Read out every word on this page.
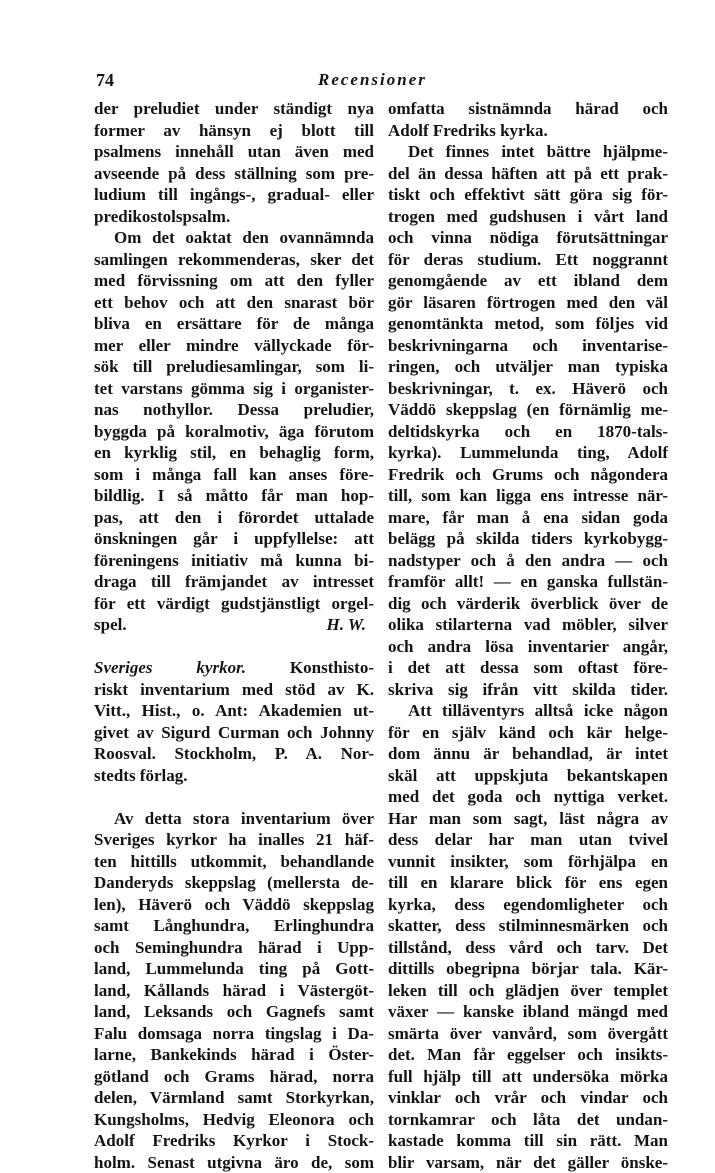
74	Recensioner
der preludiet under ständigt nya
former av hänsyn ej blott till
psalmens innehåll utan även med
avseende på dess ställning som pre-
ludium till ingångs-, gradual- eller
predikostolspsalm.
Om det oaktat den ovannämnda
samlingen rekommenderas, sker det
med förvissning om att den fyller
ett behov och att den snarast bör
bliva en ersättare för de många
mer eller mindre vällyckade för-
sök till preludiesamlingar, som li-
tet varstans gömma sig i organister-
nas nothyllor. Dessa preludier,
byggda på koralmotiv, äga förutom
en kyrklig stil, en behaglig form,
som i många fall kan anses före-
bildlig. I så måtto får man hop-
pas, att den i förordet uttalade
önskningen går i uppfyllelse: att
föreningens initiativ må kunna bi-
draga till främjandet av intresset
för ett värdigt gudstjänstligt orgel-
spel.	H. W.
Sveriges kyrkor. Konsthisto-
riskt inventarium med stöd av K.
Vitt., Hist., o. Ant: Akademien ut-
givet av Sigurd Curman och Johnny
Roosval. Stockholm, P. A. Nor-
stedts förlag.
Av detta stora inventarium över
Sveriges kyrkor ha inalles 21 häf-
ten hittills utkommit, behandlande
Danderyds skeppslag (mellersta de-
len), Häverö och Väddö skeppslag
samt Långhundra, Erlinghundra
och Seminghundra härad i Upp-
land, Lummelunda ting på Gott-
land, Kållands härad i Västergöt-
land, Leksands och Gagnefs samt
Falu domsaga norra tingslag i Da-
larne, Bankekinds härad i Öster-
götland och Grams härad, norra
delen, Värmland samt Storkyrkan,
Kungsholms, Hedvig Eleonora och
Adolf Fredriks Kyrkor i Stock-
holm. Senast utgivna äro de, som
omfatta sistnämnda härad och
Adolf Fredriks kyrka.
Det finnes intet bättre hjälpme-
del än dessa häften att på ett prak-
tiskt och effektivt sätt göra sig för-
trogen med gudshusen i vårt land
och vinna nödiga förutsättningar
för deras studium. Ett noggrannt
genomgående av ett ibland dem
gör läsaren förtrogen med den väl
genomtänkta metod, som följes vid
beskrivningarna och inventarise-
ringen, och utväljer man typiska
beskrivningar, t. ex. Häverö och
Väddö skeppslag (en förnämlig me-
deltidskyrka och en 1870-tals-
kyrka). Lummelunda ting, Adolf
Fredrik och Grums och någondera
till, som kan ligga ens intresse när-
mare, får man å ena sidan goda
belägg på skilda tiders kyrkobygg-
nadstyper och å den andra — och
framför allt! — en ganska fullstän-
dig och värderik överblick över de
olika stilarterna vad möbler, silver
och andra lösa inventarier angår,
i det att dessa som oftast före-
skriva sig ifrån vitt skilda tider.
Att tilläventyrs alltså icke någon
för en själv känd och kär helge-
dom ännu är behandlad, är intet
skäl att uppskjuta bekantskapen
med det goda och nyttiga verket.
Har man som sagt, läst några av
dess delar har man utan tvivel
vunnit insikter, som förhjälpa en
till en klarare blick för ens egen
kyrka, dess egendomligheter och
skatter, dess stilminnesmärken och
tillstånd, dess vård och tarv. Det
dittills obegripna börjar tala. Kär-
leken till och glädjen över templet
växer — kanske ibland mängd med
smärta över vanvård, som övergått
det. Man får eggelser och insikts-
full hjälp till att undersöka mörka
vinklar och vrår och vindar och
tornkamrar och låta det undan-
kastade komma till sin rätt. Man
blir varsam, när det gäller önske-
